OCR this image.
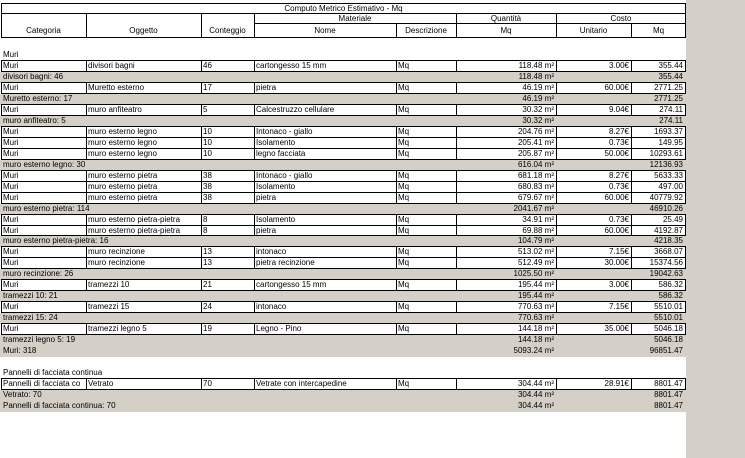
Computo Metrico Estimativo - Mq
Categoria	Oggetto	Conteggio
Materiale
Nome	Descrizione
Quantità
Mq
Costo
Unitario	Mq
Muri
Muri	divisori bagni	46	cartongesso 15 mm	Mq	118.48 m²	3.00€	355.44
divisori bagni: 46	118.48 m²	355.44
Muri	Muretto esterno	17	pietra	Mq	46.19 m²	60.00€	2771.25
Muretto esterno: 17	46.19 m²	2771.25
Muri	muro anfiteatro	5	Calcestruzzo cellulare	Mq	30.32 m²	9.04€	274.11
muro anfiteatro: 5	30.32 m²	274.11
Muri	muro esterno legno	10	Intonaco - giallo	Mq	204.76 m²	8.27€	1693.37
Muri	muro esterno legno	10	Isolamento	Mq	205.41 m²	0.73€	149.95
Muri	muro esterno legno	10	legno facciata	Mq	205.87 m²	50.00€	10293.61
muro esterno legno: 30	616.04 m²	12136.93
Muri	muro esterno pietra	38	Intonaco - giallo	Mq	681.18 m²	8.27€	5633.33
Muri	muro esterno pietra	38	Isolamento	Mq	680.83 m²	0.73€	497.00
Muri	muro esterno pietra	38	pietra	Mq	679.67 m²	60.00€	40779.92
muro esterno pietra: 114	2041.67 m²	46910.26
Muri	muro esterno pietra-pietra	8	Isolamento	Mq	34.91 m²	0.73€	25.49
Muri	muro esterno pietra-pietra	8	pietra	Mq	69.88 m²	60.00€	4192.87
muro esterno pietra-pietra: 16	104.79 m²	4218.35
Muri	muro recinzione	13	intonaco	Mq	513.02 m²	7.15€	3668.07
Muri	muro recinzione	13	pietra recinzione	Mq	512.49 m²	30.00€	15374.56
muro recinzione: 26	1025.50 m²	19042.63
Muri	tramezzi 10	21	cartongesso 15 mm	Mq	195.44 m²	3.00€	586.32
tramezzi 10: 21	195.44 m²	586.32
Muri	tramezzi 15	24	intonaco	Mq	770.63 m²	7.15€	5510.01
tramezzi 15: 24	770.63 m²	5510.01
Muri	tramezzi legno 5	19	Legno - Pino	Mq	144.18 m²	35.00€	5046.18
tramezzi legno 5: 19	144.18 m²	5046.18
Muri: 318	5093.24 m²	96851.47
Pannelli di facciata continua
Pannelli di facciata co Vetrato	70	Vetrate con intercapedine	Mq	304.44 m²	28.91€	8801.47
Vetrato: 70	304.44 m²	8801.47
Pannelli di facciata continua: 70	304.44 m²	8801.47
